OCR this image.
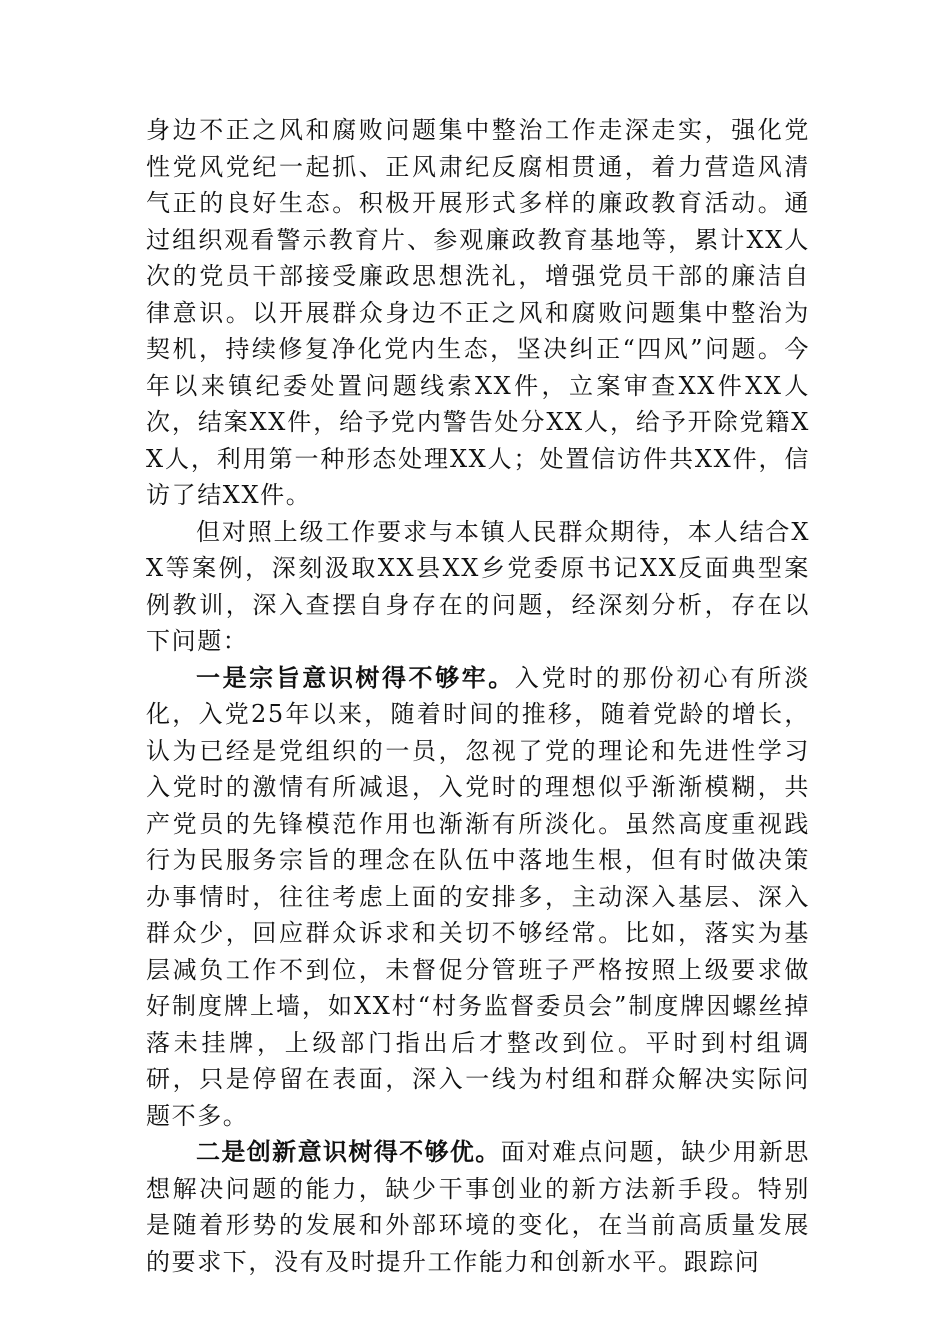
身边不正之风和腐败问题集中整治工作走深走实，强化党性党风党纪一起抓、正风肃纪反腐相贯通，着力营造风清气正的良好生态。积极开展形式多样的廉政教育活动。通过组织观看警示教育片、参观廉政教育基地等，累计XX人次的党员干部接受廉政思想洗礼，增强党员干部的廉洁自律意识。以开展群众身边不正之风和腐败问题集中整治为契机，持续修复净化党内生态，坚决纠正“四风”问题。今年以来镇纪委处置问题线索XX件，立案审查XX件XX人次，结案XX件，给予党内警告处分XX人，给予开除党籍XX人，利用第一种形态处理XX人；处置信访件共XX件，信访了结XX件。

但对照上级工作要求与本镇人民群众期待，本人结合XX等案例，深刻汲取XX县XX乡党委原书记XX反面典型案例教训，深入查摆自身存在的问题，经深刻分析，存在以下问题：

一是宗旨意识树得不够牢。入党时的那份初心有所淡化，入党25年以来，随着时间的推移，随着党龄的增长，认为已经是党组织的一员，忽视了党的理论和先进性学习入党时的激情有所减退，入党时的理想似乎渐渐模糊，共产党员的先锋模范作用也渐渐有所淡化。虽然高度重视践行为民服务宗旨的理念在队伍中落地生根，但有时做决策办事情时，往往考虑上面的安排多，主动深入基层、深入群众少，回应群众诉求和关切不够经常。比如，落实为基层减负工作不到位，未督促分管班子严格按照上级要求做好制度牌上墙，如XX村“村务监督委员会”制度牌因螺丝掉落未挂牌，上级部门指出后才整改到位。平时到村组调研，只是停留在表面，深入一线为村组和群众解决实际问题不多。

二是创新意识树得不够优。面对难点问题，缺少用新思想解决问题的能力，缺少干事创业的新方法新手段。特别是随着形势的发展和外部环境的变化，在当前高质量发展的要求下，没有及时提升工作能力和创新水平。跟踪问
